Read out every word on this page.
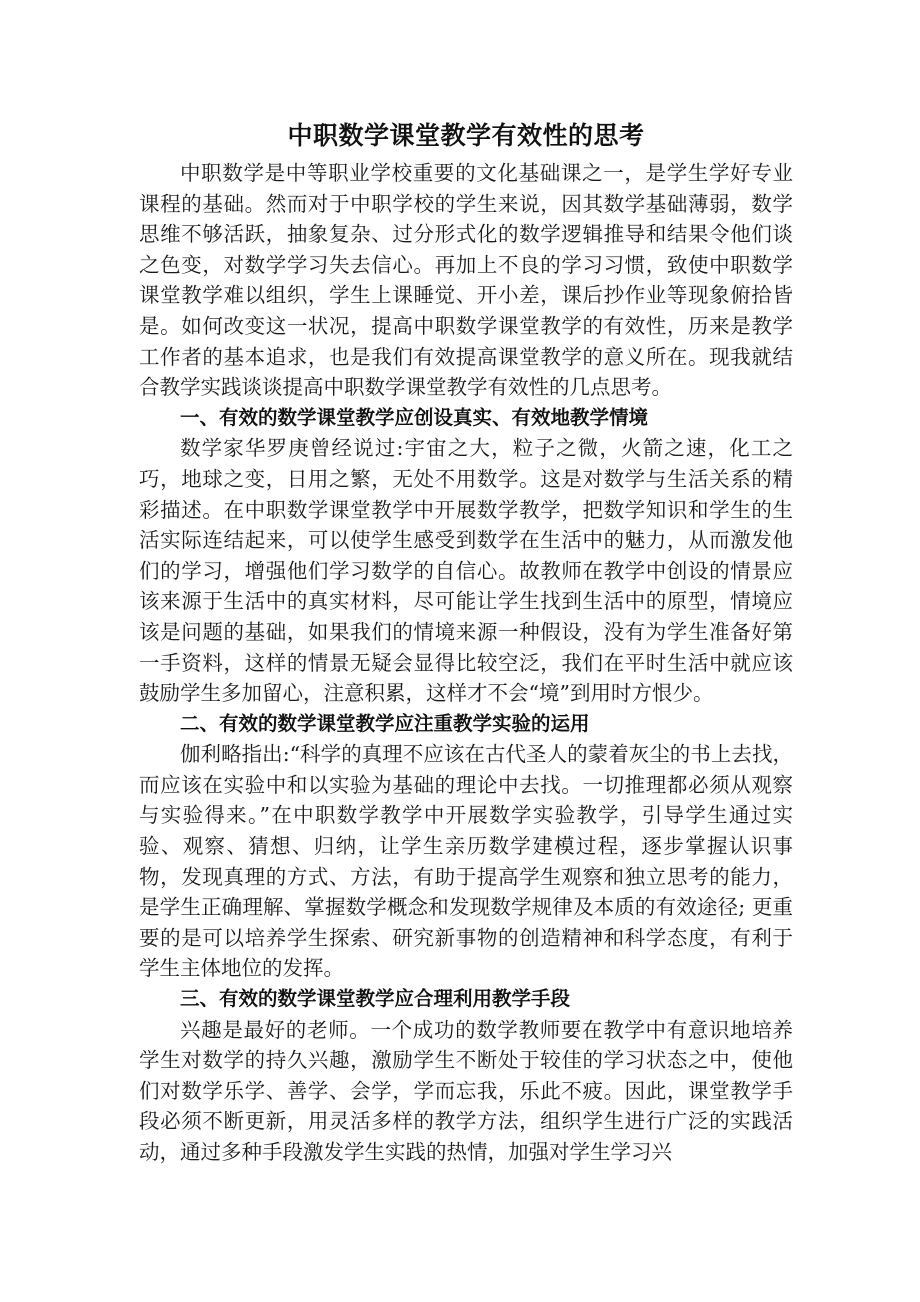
中职数学课堂教学有效性的思考

中职数学是中等职业学校重要的文化基础课之一，是学生学好专业课程的基础。然而对于中职学校的学生来说，因其数学基础薄弱，数学思维不够活跃，抽象复杂、过分形式化的数学逻辑推导和结果令他们谈之色变，对数学学习失去信心。再加上不良的学习习惯，致使中职数学课堂教学难以组织，学生上课睡觉、开小差，课后抄作业等现象俯拾皆是。如何改变这一状况，提高中职数学课堂教学的有效性，历来是教学工作者的基本追求，也是我们有效提高课堂教学的意义所在。现我就结合教学实践谈谈提高中职数学课堂教学有效性的几点思考。

一、有效的数学课堂教学应创设真实、有效地教学情境

数学家华罗庚曾经说过:宇宙之大，粒子之微，火箭之速，化工之巧，地球之变，日用之繁，无处不用数学。这是对数学与生活关系的精彩描述。在中职数学课堂教学中开展数学教学，把数学知识和学生的生活实际连结起来，可以使学生感受到数学在生活中的魅力，从而激发他们的学习，增强他们学习数学的自信心。故教师在教学中创设的情景应该来源于生活中的真实材料，尽可能让学生找到生活中的原型，情境应该是问题的基础，如果我们的情境来源一种假设，没有为学生准备好第一手资料，这样的情景无疑会显得比较空泛，我们在平时生活中就应该鼓励学生多加留心，注意积累，这样才不会“境”到用时方恨少。

二、有效的数学课堂教学应注重教学实验的运用

伽利略指出:“科学的真理不应该在古代圣人的蒙着灰尘的书上去找，而应该在实验中和以实验为基础的理论中去找。一切推理都必须从观察与实验得来。”在中职数学教学中开展数学实验教学，引导学生通过实验、观察、猜想、归纳，让学生亲历数学建模过程，逐步掌握认识事物，发现真理的方式、方法，有助于提高学生观察和独立思考的能力，是学生正确理解、掌握数学概念和发现数学规律及本质的有效途径; 更重要的是可以培养学生探索、研究新事物的创造精神和科学态度，有利于学生主体地位的发挥。

三、有效的数学课堂教学应合理利用教学手段

兴趣是最好的老师。一个成功的数学教师要在教学中有意识地培养学生对数学的持久兴趣，激励学生不断处于较佳的学习状态之中，使他们对数学乐学、善学、会学，学而忘我，乐此不疲。因此，课堂教学手段必须不断更新，用灵活多样的教学方法，组织学生进行广泛的实践活动，通过多种手段激发学生实践的热情，加强对学生学习兴
